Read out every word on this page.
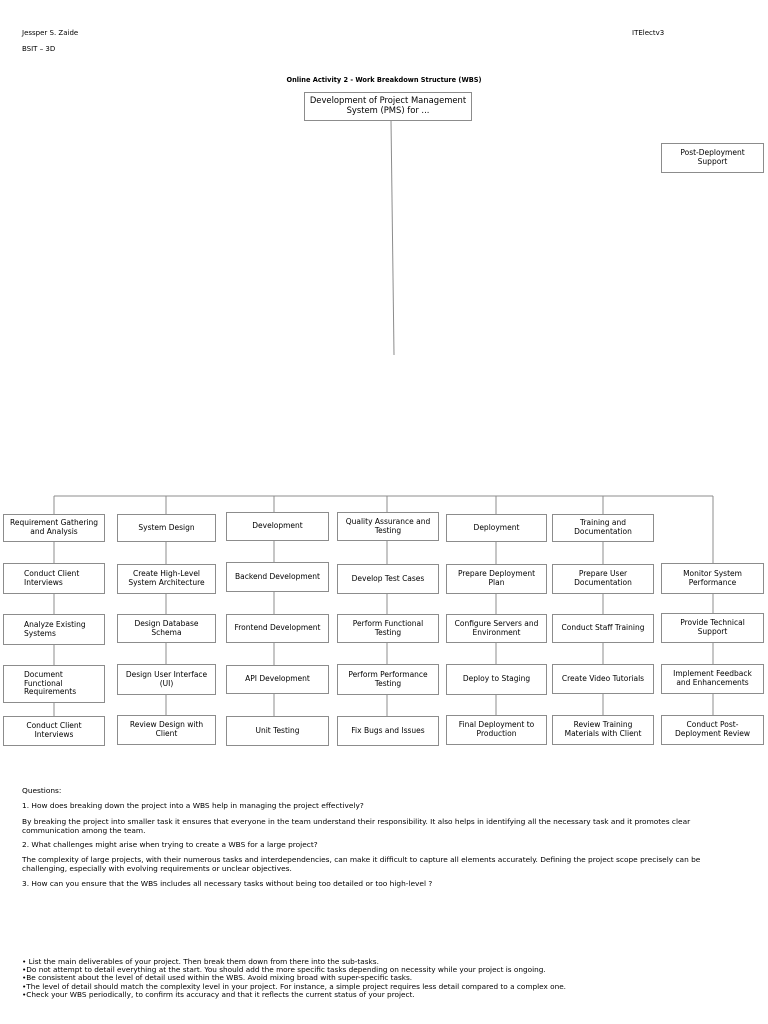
Jessper S. Zaide
BSIT – 3D
ITElectv3
Online Activity 2 - Work Breakdown Structure (WBS)
Development of Project Management System (PMS) for ...
Post-Deployment Support
Requirement Gathering and Analysis	System Design	Development	Quality Assurance and Testing	Deployment	Training and Documentation
Conduct Client Interviews
Analyze Existing Systems
Document Functional Requirements
Conduct Client Interviews
Create High-Level System Architecture
Design Database Schema
Design User Interface (UI)
Review Design with Client
Backend Development
Frontend Development
API Development
Unit Testing
Develop Test Cases
Perform Functional Testing
Perform Performance Testing
Fix Bugs and Issues
Prepare Deployment Plan
Configure Servers and Environment
Deploy to Staging
Final Deployment to Production
Prepare User Documentation
Conduct Staff Training
Create Video Tutorials
Review Training Materials with Client
Monitor System Performance
Provide Technical Support
Implement Feedback and Enhancements
Conduct Post-Deployment Review
Questions:
1. How does breaking down the project into a WBS help in managing the project effectively?
By breaking the project into smaller task it ensures that everyone in the team understand their responsibility. It also helps in identifying all the necessary task and it promotes clear communication among the team.
2. What challenges might arise when trying to create a WBS for a large project?
The complexity of large projects, with their numerous tasks and interdependencies, can make it difficult to capture all elements accurately. Defining the project scope precisely can be challenging, especially with evolving requirements or unclear objectives.
3. How can you ensure that the WBS includes all necessary tasks without being too detailed or too high-level ?
• List the main deliverables of your project. Then break them down from there into the sub-tasks.
•Do not attempt to detail everything at the start. You should add the more specific tasks depending on necessity while your project is ongoing.
•Be consistent about the level of detail used within the WBS. Avoid mixing broad with super-specific tasks.
•The level of detail should match the complexity level in your project. For instance, a simple project requires less detail compared to a complex one.
•Check your WBS periodically, to confirm its accuracy and that it reflects the current status of your project.
